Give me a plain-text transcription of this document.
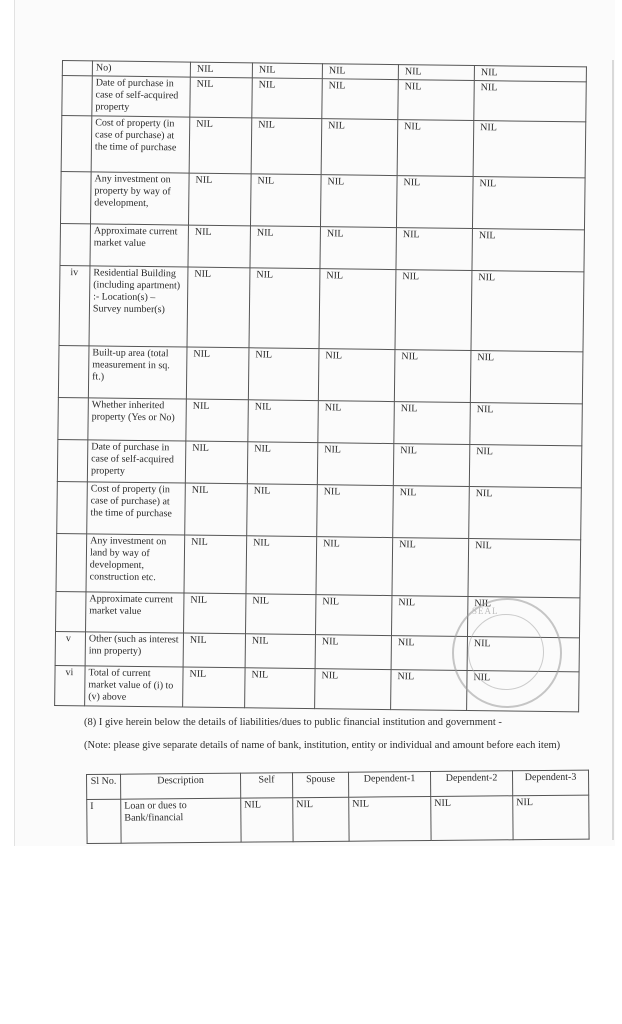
	No)	NIL	NIL	NIL	NIL	NIL
	Date of purchase in case of self-acquired property	NIL	NIL	NIL	NIL	NIL
	Cost of property (in case of purchase) at the time of purchase	NIL	NIL	NIL	NIL	NIL
	Any investment on property by way of development,	NIL	NIL	NIL	NIL	NIL
	Approximate current market value	NIL	NIL	NIL	NIL	NIL
iv	Residential Building (including apartment) :- Location(s) – Survey number(s)	NIL	NIL	NIL	NIL	NIL
	Built-up area (total measurement in sq. ft.)	NIL	NIL	NIL	NIL	NIL
	Whether inherited property (Yes or No)	NIL	NIL	NIL	NIL	NIL
	Date of purchase in case of self-acquired property	NIL	NIL	NIL	NIL	NIL
	Cost of property (in case of purchase) at the time of purchase	NIL	NIL	NIL	NIL	NIL
	Any investment on land by way of development, construction etc.	NIL	NIL	NIL	NIL	NIL
	Approximate current market value	NIL	NIL	NIL	NIL	NIL
v	Other (such as interest inn property)	NIL	NIL	NIL	NIL	NIL
vi	Total of current market value of (i) to (v) above	NIL	NIL	NIL	NIL	NIL
SEAL
(8) I give herein below the details of liabilities/dues to public financial institution and government -
(Note: please give separate details of name of bank, institution, entity or individual and amount before each item)
Sl No.	Description	Self	Spouse	Dependent-1	Dependent-2	Dependent-3
I	Loan or dues to Bank/financial	NIL	NIL	NIL	NIL	NIL
